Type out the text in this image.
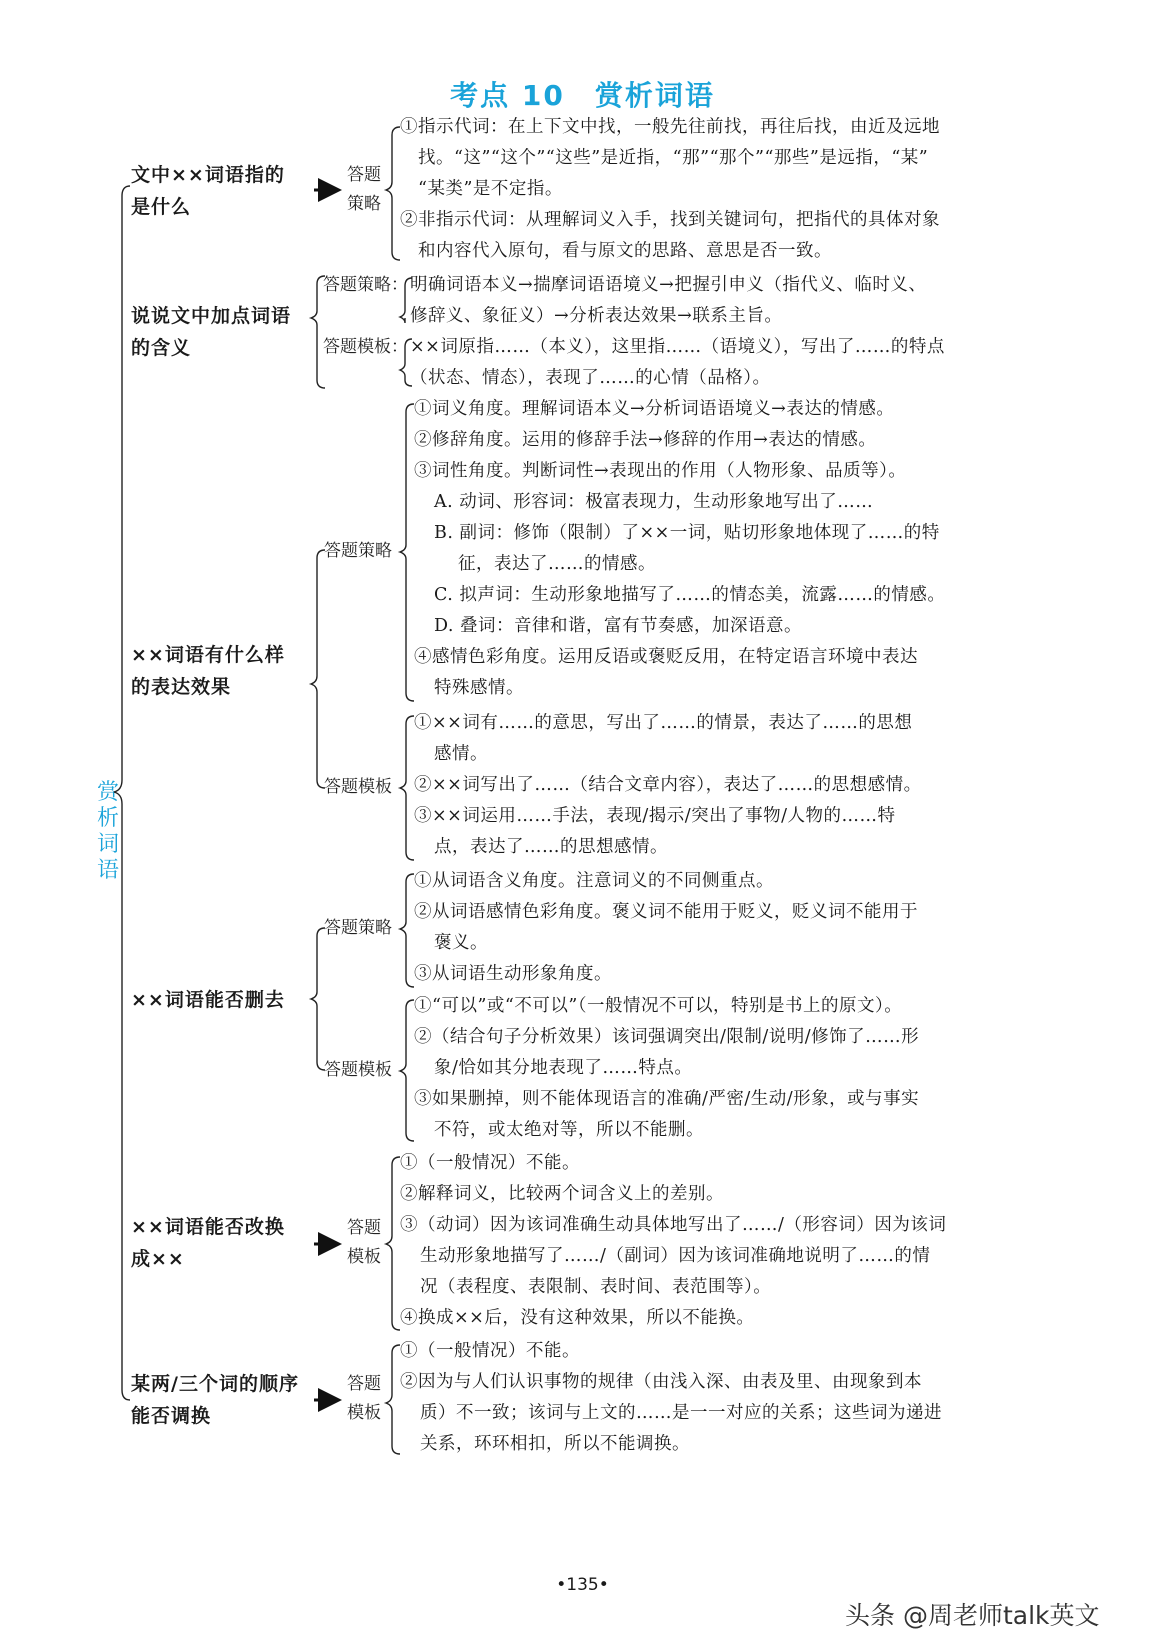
考点 10　赏析词语
赏析词语
文中××词语指的
是什么
答题策略
①指示代词：在上下文中找，一般先往前找，再往后找，由近及远地
找。“这”“这个”“这些”是近指，“那”“那个”“那些”是远指，“某”
“某类”是不定指。
②非指示代词：从理解词义入手，找到关键词句，把指代的具体对象
和内容代入原句，看与原文的思路、意思是否一致。
说说文中加点词语
的含义
答题策略： 明确词语本义→揣摩词语语境义→把握引申义（指代义、临时义、
修辞义、象征义）→分析表达效果→联系主旨。
答题模板： ××词原指……（本义），这里指……（语境义），写出了……的特点
（状态、情态），表现了……的心情（品格）。
××词语有什么样
的表达效果
答题策略
①词义角度。理解词语本义→分析词语语境义→表达的情感。
②修辞角度。运用的修辞手法→修辞的作用→表达的情感。
③词性角度。判断词性→表现出的作用（人物形象、品质等）。
A. 动词、形容词：极富表现力，生动形象地写出了……
B. 副词：修饰（限制）了××一词，贴切形象地体现了……的特
征，表达了……的情感。
C. 拟声词：生动形象地描写了……的情态美，流露……的情感。
D. 叠词：音律和谐，富有节奏感，加深语意。
④感情色彩角度。运用反语或褒贬反用，在特定语言环境中表达
特殊感情。
答题模板
①××词有……的意思，写出了……的情景，表达了……的思想
感情。
②××词写出了……（结合文章内容），表达了……的思想感情。
③××词运用……手法，表现/揭示/突出了事物/人物的……特
点，表达了……的思想感情。
××词语能否删去
答题策略
①从词语含义角度。注意词义的不同侧重点。
②从词语感情色彩角度。褒义词不能用于贬义，贬义词不能用于
褒义。
③从词语生动形象角度。
答题模板
①“可以”或“不可以”（一般情况不可以，特别是书上的原文）。
②（结合句子分析效果）该词强调突出/限制/说明/修饰了……形
象/恰如其分地表现了……特点。
③如果删掉，则不能体现语言的准确/严密/生动/形象，或与事实
不符，或太绝对等，所以不能删。
××词语能否改换
成××
答题模板
①（一般情况）不能。
②解释词义，比较两个词含义上的差别。
③（动词）因为该词准确生动具体地写出了……/（形容词）因为该词
生动形象地描写了……/（副词）因为该词准确地说明了……的情
况（表程度、表限制、表时间、表范围等）。
④换成××后，没有这种效果，所以不能换。
某两/三个词的顺序
能否调换
答题模板
①（一般情况）不能。
②因为与人们认识事物的规律（由浅入深、由表及里、由现象到本
质）不一致；该词与上文的……是一一对应的关系；这些词为递进
关系，环环相扣，所以不能调换。
•135•
头条 @周老师talk英文
